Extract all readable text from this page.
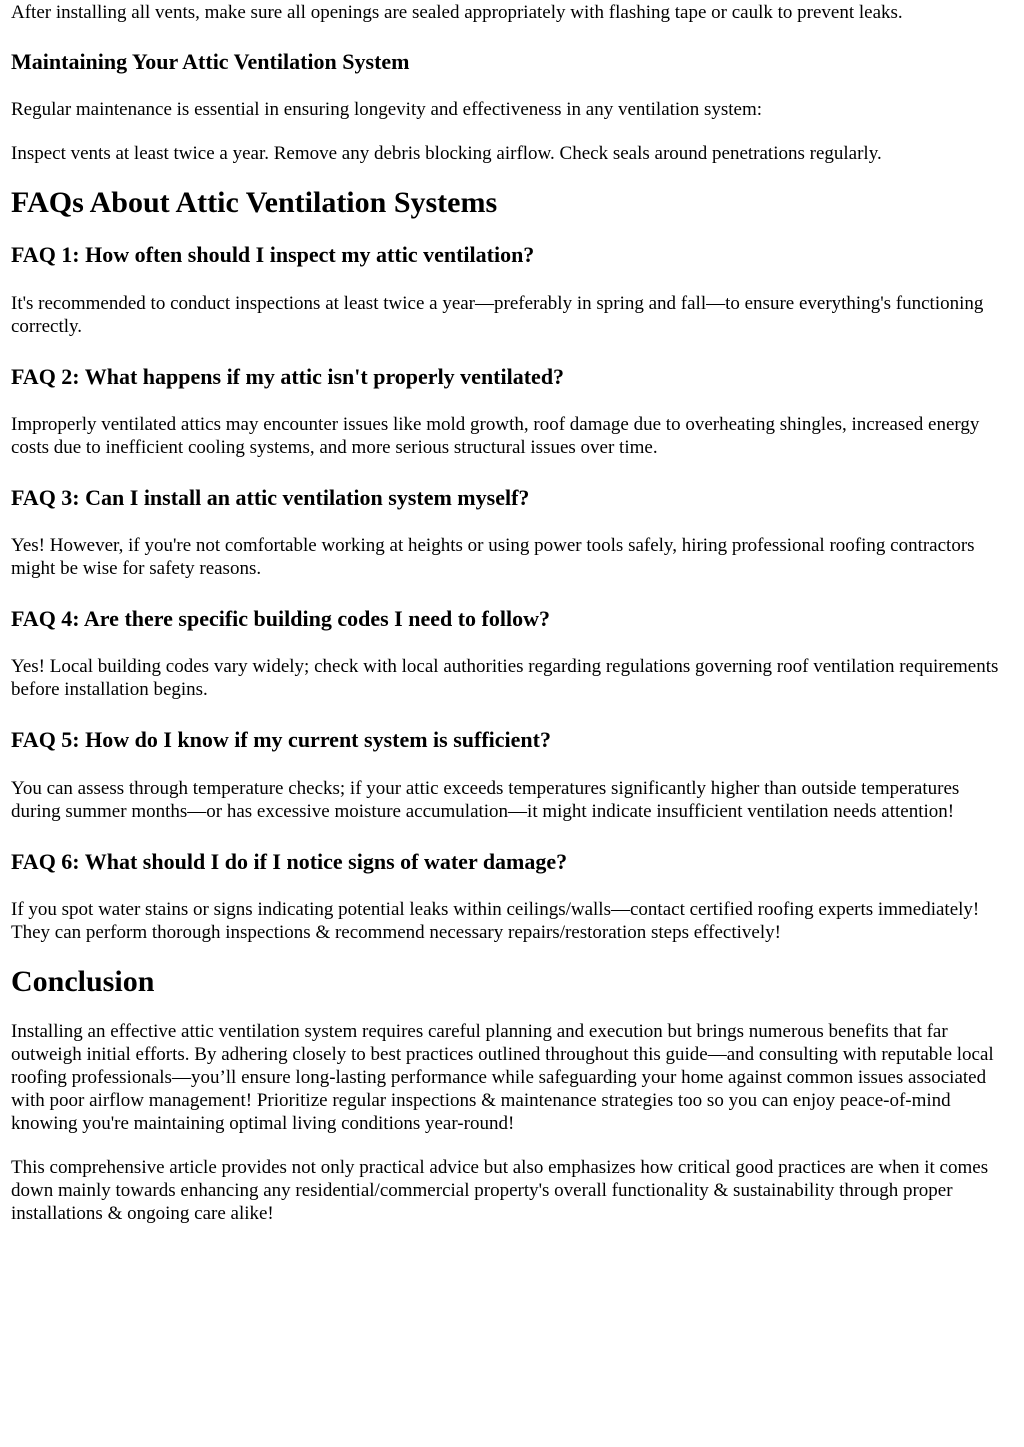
After installing all vents, make sure all openings are sealed appropriately with flashing tape or caulk to prevent leaks.

Maintaining Your Attic Ventilation System

Regular maintenance is essential in ensuring longevity and effectiveness in any ventilation system:

Inspect vents at least twice a year. Remove any debris blocking airflow. Check seals around penetrations regularly.

FAQs About Attic Ventilation Systems
FAQ 1: How often should I inspect my attic ventilation?

It's recommended to conduct inspections at least twice a year—preferably in spring and fall—to ensure everything's functioning correctly.

FAQ 2: What happens if my attic isn't properly ventilated?

Improperly ventilated attics may encounter issues like mold growth, roof damage due to overheating shingles, increased energy costs due to inefficient cooling systems, and more serious structural issues over time.

FAQ 3: Can I install an attic ventilation system myself?

Yes! However, if you're not comfortable working at heights or using power tools safely, hiring professional roofing contractors might be wise for safety reasons.

FAQ 4: Are there specific building codes I need to follow?

Yes! Local building codes vary widely; check with local authorities regarding regulations governing roof ventilation requirements before installation begins.

FAQ 5: How do I know if my current system is sufficient?

You can assess through temperature checks; if your attic exceeds temperatures significantly higher than outside temperatures during summer months—or has excessive moisture accumulation—it might indicate insufficient ventilation needs attention!

FAQ 6: What should I do if I notice signs of water damage?

If you spot water stains or signs indicating potential leaks within ceilings/walls—contact certified roofing experts immediately! They can perform thorough inspections & recommend necessary repairs/restoration steps effectively!

Conclusion

Installing an effective attic ventilation system requires careful planning and execution but brings numerous benefits that far outweigh initial efforts. By adhering closely to best practices outlined throughout this guide—and consulting with reputable local roofing professionals—you’ll ensure long-lasting performance while safeguarding your home against common issues associated with poor airflow management! Prioritize regular inspections & maintenance strategies too so you can enjoy peace-of-mind knowing you're maintaining optimal living conditions year-round!

This comprehensive article provides not only practical advice but also emphasizes how critical good practices are when it comes down mainly towards enhancing any residential/commercial property's overall functionality & sustainability through proper installations & ongoing care alike!
